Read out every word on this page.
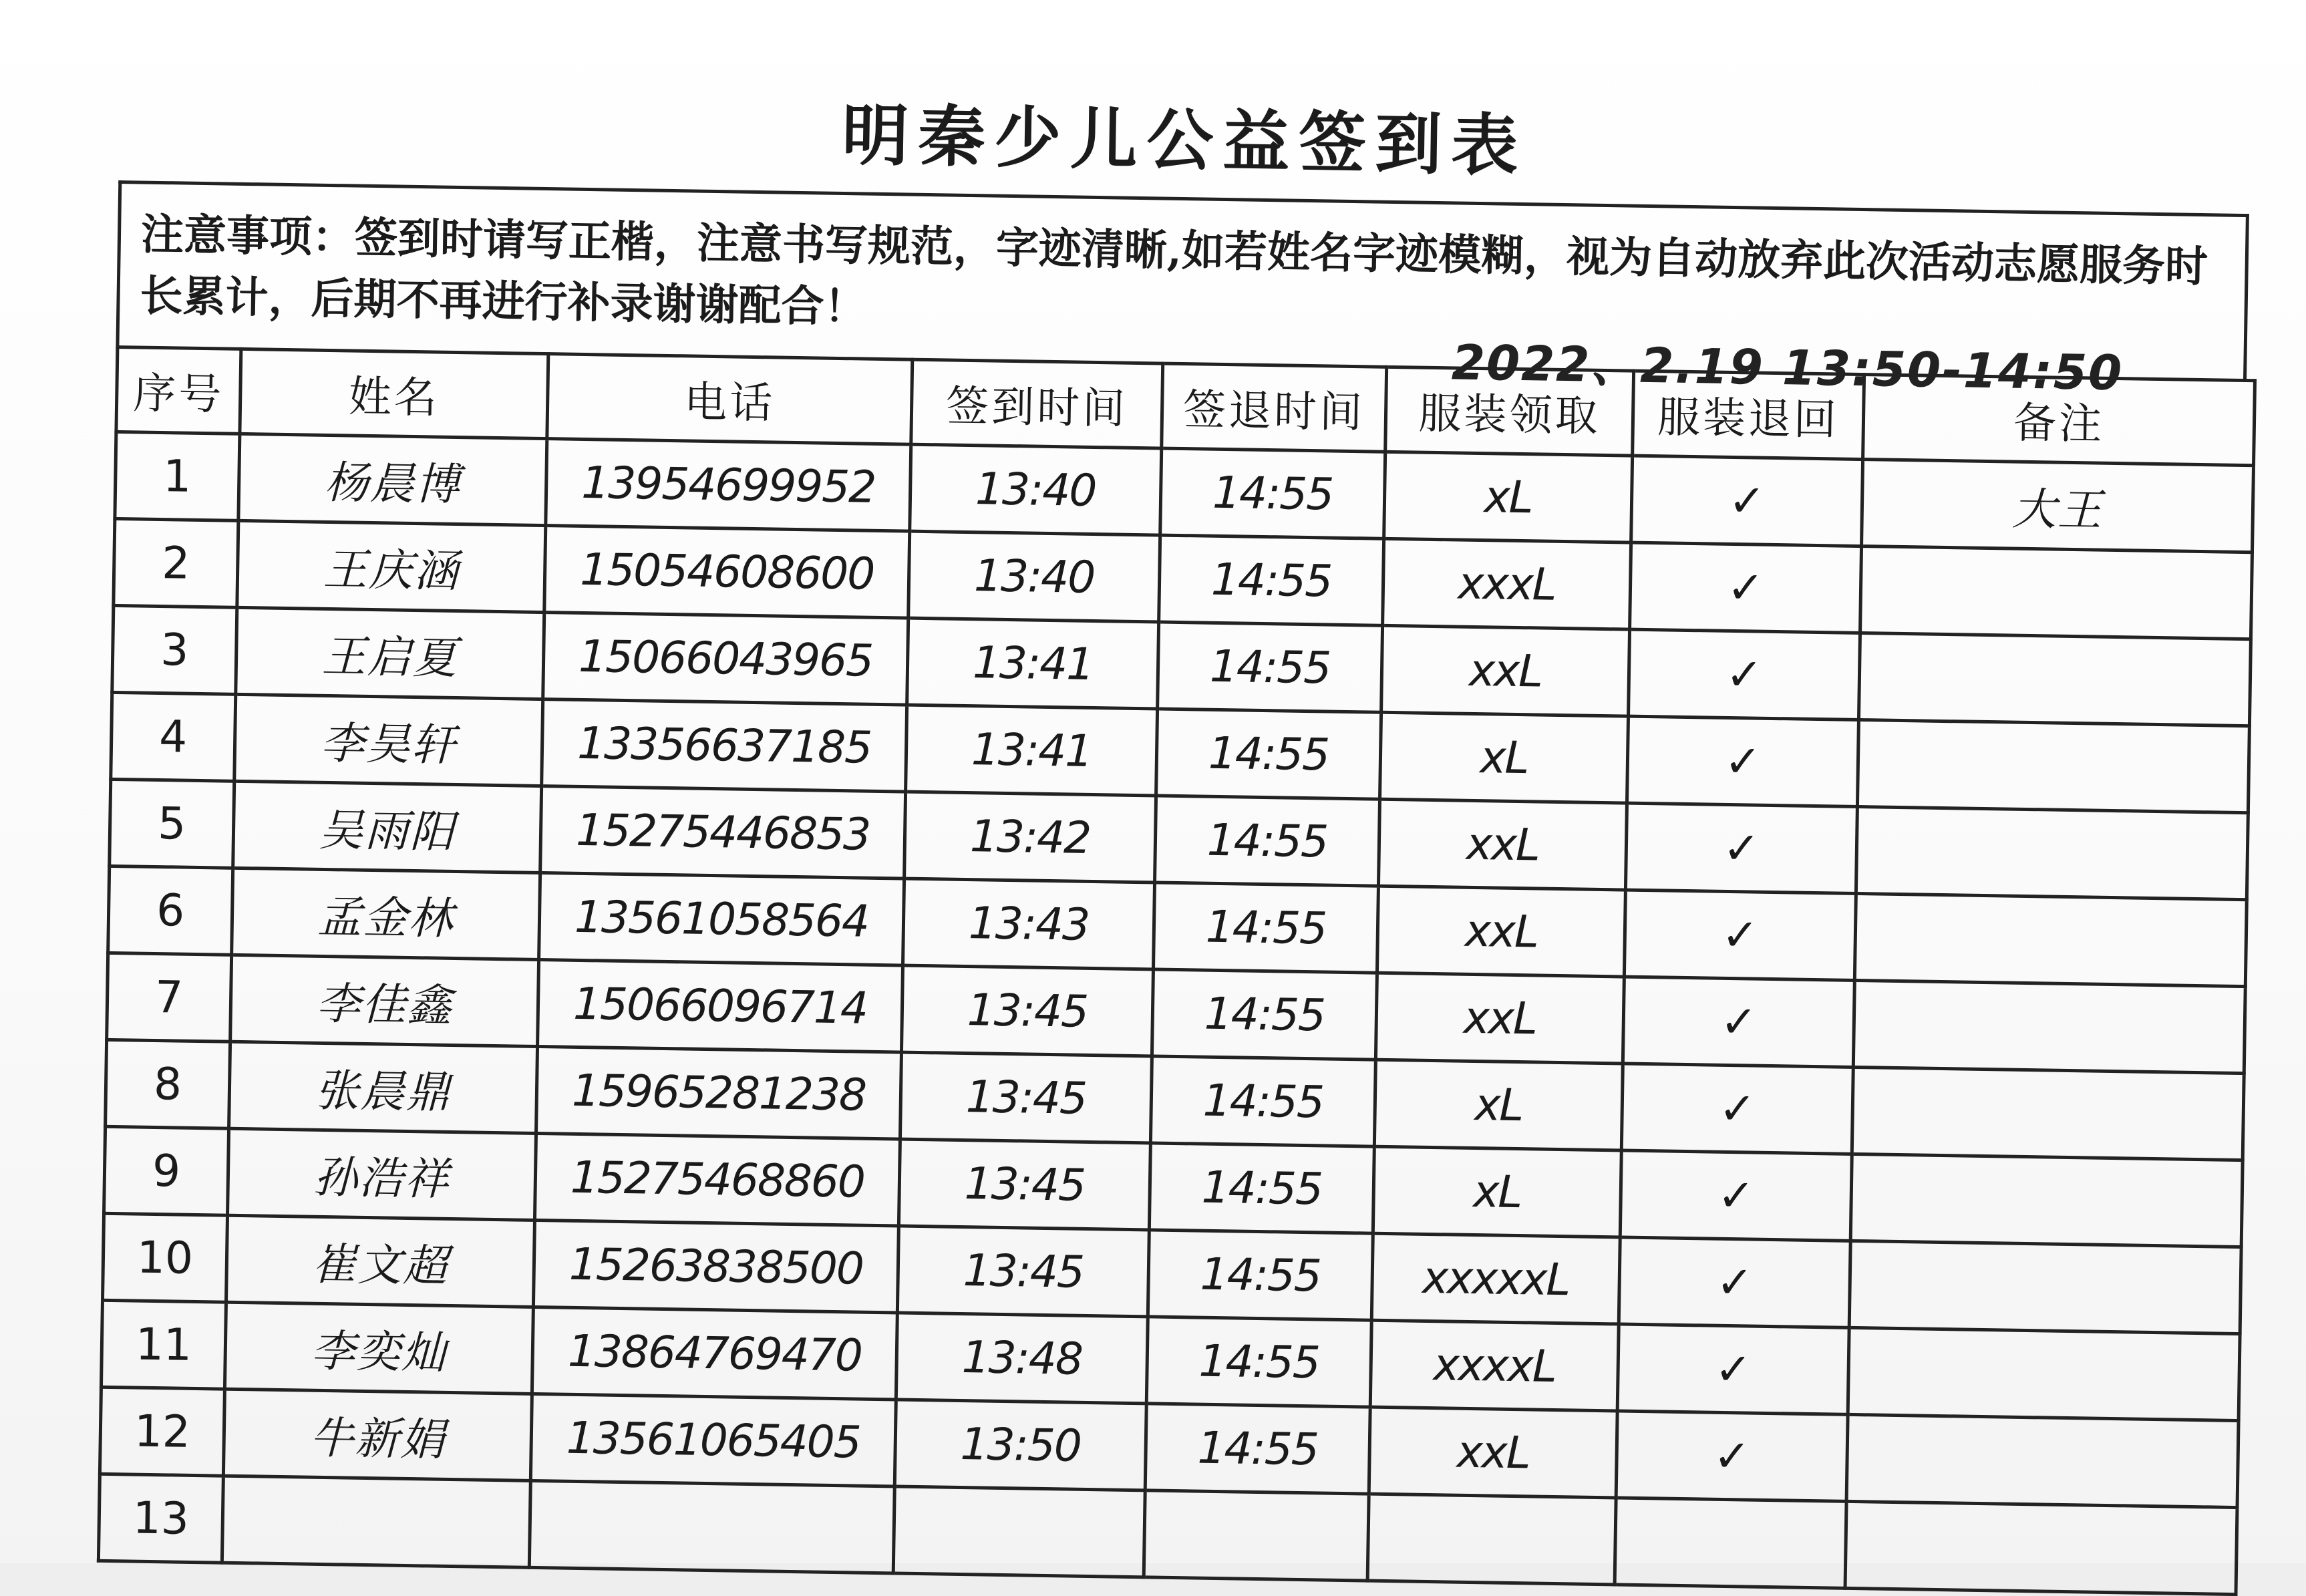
明秦少儿公益签到表
注意事项：签到时请写正楷，注意书写规范，字迹清晰,如若姓名字迹模糊，视为自动放弃此次活动志愿服务时长累计，后期不再进行补录谢谢配合！
2022、2.19 13:50-14:50
序号	姓名	电话	签到时间	签退时间	服装领取	服装退回	备注
1	杨晨博	13954699952	13:40	14:55	xL	✓	大王
2	王庆涵	15054608600	13:40	14:55	xxxL	✓	
3	王启夏	15066043965	13:41	14:55	xxL	✓	
4	李昊轩	13356637185	13:41	14:55	xL	✓	
5	吴雨阳	15275446853	13:42	14:55	xxL	✓	
6	孟金林	13561058564	13:43	14:55	xxL	✓	
7	李佳鑫	15066096714	13:45	14:55	xxL	✓	
8	张晨鼎	15965281238	13:45	14:55	xL	✓	
9	孙浩祥	15275468860	13:45	14:55	xL	✓	
10	崔文超	15263838500	13:45	14:55	xxxxxL	✓	
11	李奕灿	13864769470	13:48	14:55	xxxxL	✓	
12	牛新娟	13561065405	13:50	14:55	xxL	✓	
13							
